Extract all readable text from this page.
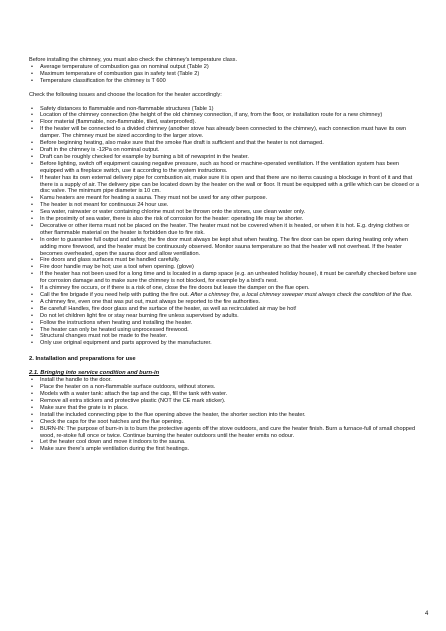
Before installing the chimney, you must also check the chimney's temperature class.

• Average temperature of combustion gas on nominal output (Table 2)
• Maximum temperature of combustion gas in safety test (Table 2)
• Temperature classification for the chimney is T 600

Check the following issues and choose the location for the heater accordingly:

• Safety distances to flammable and non-flammable structures (Table 1)
• Location of the chimney connection (the height of the old chimney connection, if any, from the floor, or installation route for a new chimney)
• Floor material (flammable, non-flammable, tiled, waterproofed).
• If the heater will be connected to a divided chimney (another stove has already been connected to the chimney), each connection must have its own damper. The chimney must be sized according to the larger stove.
• Before beginning heating, also make sure that the smoke flue draft is sufficient and that the heater is not damaged.
• Draft in the chimney is -12Pa on nominal output.
• Draft can be roughly checked for example by burning a bit of newsprint in the heater.
• Before lighting, switch off equipment causing negative pressure, such as hood or machine-operated ventilation. If the ventilation system has been equipped with a fireplace switch, use it according to the system instructions.
• If heater has its own external delivery pipe for combustion air, make sure it is open and that there are no items causing a blockage in front of it and that there is a supply of air. The delivery pipe can be located down by the heater on the wall or floor. It must be equipped with a grille which can be closed or a disc valve. The minimum pipe diameter is 10 cm.
• Kamu heaters are meant for heating a sauna. They must not be used for any other purpose.
• The heater is not meant for continuous 24 hour use.
• Sea water, rainwater or water containing chlorine must not be thrown onto the stones, use clean water only.
• In the proximity of sea water, there is also the risk of corrosion for the heater: operating life may be shorter.
• Decorative or other items must not be placed on the heater. The heater must not be covered when it is heated, or when it is hot. E.g. drying clothes or other flammable material on the heater is forbidden due to fire risk.
• In order to guarantee full output and safety, the fire door must always be kept shut when heating. The fire door can be open during heating only when adding more firewood, and the heater must be continuously observed. Monitor sauna temperature so that the heater will not overheat. If the heater becomes overheated, open the sauna door and allow ventilation.
• Fire doors and glass surfaces must be handled carefully.
• Fire door handle may be hot; use a tool when opening. (glove)
• If the heater has not been used for a long time and is located in a damp space (e.g. an unheated holiday house), it must be carefully checked before use for corrosion damage and to make sure the chimney is not blocked, for example by a bird's nest.
• If a chimney fire occurs, or if there is a risk of one, close the fire doors but leave the damper on the flue open.
• Call the fire brigade if you need help with putting the fire out. After a chimney fire, a local chimney sweeper must always check the condition of the flue.
• A chimney fire, even one that was put out, must always be reported to the fire authorities.
• Be careful! Handles, fire door glass and the surface of the heater, as well as recirculated air may be hot!
• Do not let children light fire or stay near burning fire unless supervised by adults.
• Follow the instructions when heating and installing the heater.
• The heater can only be heated using unprocessed firewood.
• Structural changes must not be made to the heater.
• Only use original equipment and parts approved by the manufacturer.
2. Installation and preparations for use
2.1. Bringing into service condition and burn-in
• Install the handle to the door.
• Place the heater on a non-flammable surface outdoors, without stones.
• Models with a water tank: attach the tap and the cap, fill the tank with water.
• Remove all extra stickers and protective plastic (NOT the CE mark sticker).
• Make sure that the grate is in place.
• Install the included connecting pipe to the flue opening above the heater, the shorter section into the heater.
• Check the caps for the soot hatches and the flue opening.
• BURN-IN: The purpose of burn-in is to burn the protective agents off the stove outdoors, and cure the heater finish. Burn a furnace-full of small chopped wood, re-stoke full once or twice. Continue burning the heater outdoors until the heater emits no odour.
• Let the heater cool down and move it indoors to the sauna.
• Make sure there's ample ventilation during the first heatings.
4
